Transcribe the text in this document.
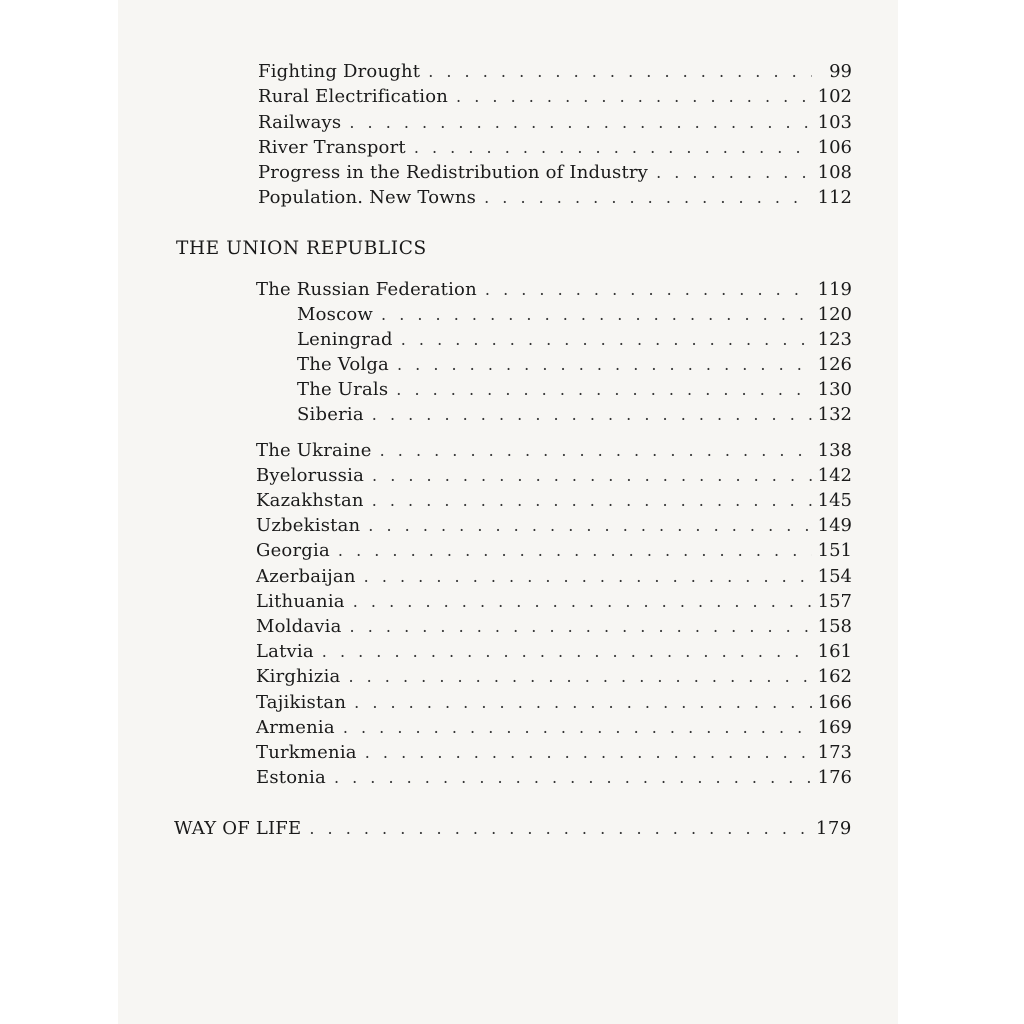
Fighting Drought . . .	99
Rural Electrification . . .	102
Railways . . .	103
River Transport . . .	106
Progress in the Redistribution of Industry . . .	108
Population. New Towns . . .	112
THE UNION REPUBLICS
The Russian Federation . . .	119
Moscow . . .	120
Leningrad . . .	123
The Volga . . .	126
The Urals . . .	130
Siberia . . .	132
The Ukraine . . .	138
Byelorussia . . .	142
Kazakhstan . . .	145
Uzbekistan . . .	149
Georgia . . .	151
Azerbaijan . . .	154
Lithuania . . .	157
Moldavia . . .	158
Latvia . . .	161
Kirghizia . . .	162
Tajikistan . . .	166
Armenia . . .	169
Turkmenia . . .	173
Estonia . . .	176
WAY OF LIFE . . .	179
